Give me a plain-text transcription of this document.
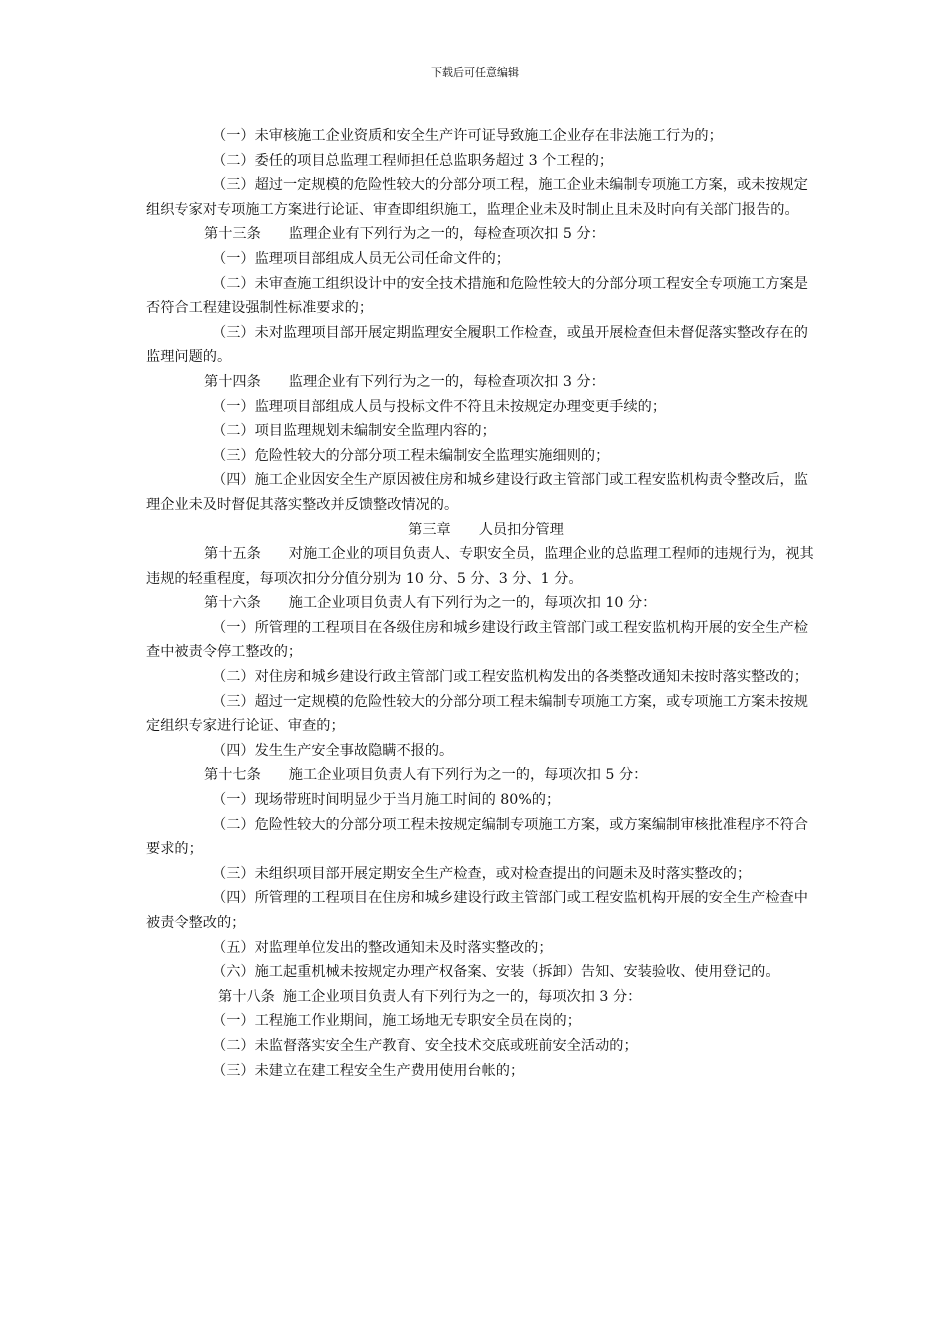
下载后可任意编辑
（一）未审核施工企业资质和安全生产许可证导致施工企业存在非法施工行为的；
（二）委任的项目总监理工程师担任总监职务超过 3 个工程的；
（三）超过一定规模的危险性较大的分部分项工程，施工企业未编制专项施工方案，或未按规定组织专家对专项施工方案进行论证、审查即组织施工，监理企业未及时制止且未及时向有关部门报告的。
第十三条 监理企业有下列行为之一的，每检查项次扣 5 分：
（一）监理项目部组成人员无公司任命文件的；
（二）未审查施工组织设计中的安全技术措施和危险性较大的分部分项工程安全专项施工方案是否符合工程建设强制性标准要求的；
（三）未对监理项目部开展定期监理安全履职工作检查，或虽开展检查但未督促落实整改存在的监理问题的。
第十四条 监理企业有下列行为之一的，每检查项次扣 3 分：
（一）监理项目部组成人员与投标文件不符且未按规定办理变更手续的；
（二）项目监理规划未编制安全监理内容的；
（三）危险性较大的分部分项工程未编制安全监理实施细则的；
（四）施工企业因安全生产原因被住房和城乡建设行政主管部门或工程安监机构责令整改后，监理企业未及时督促其落实整改并反馈整改情况的。
第三章 人员扣分管理
第十五条 对施工企业的项目负责人、专职安全员，监理企业的总监理工程师的违规行为，视其违规的轻重程度，每项次扣分分值分别为 10 分、5 分、3 分、1 分。
第十六条 施工企业项目负责人有下列行为之一的，每项次扣 10 分：
（一）所管理的工程项目在各级住房和城乡建设行政主管部门或工程安监机构开展的安全生产检查中被责令停工整改的；
（二）对住房和城乡建设行政主管部门或工程安监机构发出的各类整改通知未按时落实整改的；
（三）超过一定规模的危险性较大的分部分项工程未编制专项施工方案，或专项施工方案未按规定组织专家进行论证、审查的；
（四）发生生产安全事故隐瞒不报的。
第十七条 施工企业项目负责人有下列行为之一的，每项次扣 5 分：
（一）现场带班时间明显少于当月施工时间的 80%的；
（二）危险性较大的分部分项工程未按规定编制专项施工方案，或方案编制审核批准程序不符合要求的；
（三）未组织项目部开展定期安全生产检查，或对检查提出的问题未及时落实整改的；
（四）所管理的工程项目在住房和城乡建设行政主管部门或工程安监机构开展的安全生产检查中被责令整改的；
（五）对监理单位发出的整改通知未及时落实整改的；
（六）施工起重机械未按规定办理产权备案、安装（拆卸）告知、安装验收、使用登记的。
第十八条 施工企业项目负责人有下列行为之一的，每项次扣 3 分：
（一）工程施工作业期间，施工场地无专职安全员在岗的；
（二）未监督落实安全生产教育、安全技术交底或班前安全活动的；
（三）未建立在建工程安全生产费用使用台帐的；
